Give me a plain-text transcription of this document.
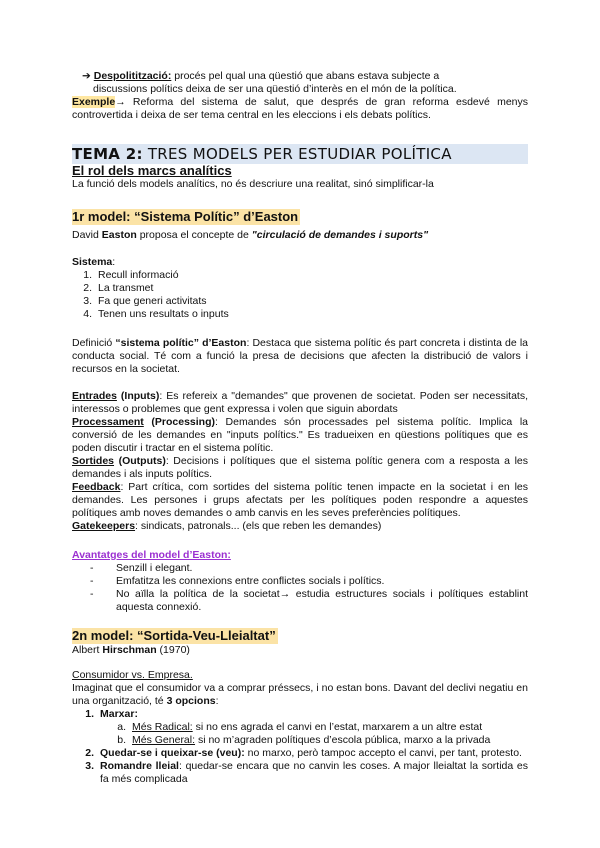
➔ Despolitització: procés pel qual una qüestió que abans estava subjecte a

discussions polítics deixa de ser una qüestió d’interès en el món de la política.

Exemple→ Reforma del sistema de salut, que després de gran reforma esdevé menys controvertida i deixa de ser tema central en les eleccions i els debats polítics.

TEMA 2: TRES MODELS PER ESTUDIAR POLÍTICA

El rol dels marcs analítics

La funció dels models analítics, no és descriure una realitat, sinó simplificar-la

1r model: “Sistema Polític” d’Easton

David Easton proposa el concepte de "circulació de demandes i suports"

Sistema:

1. Recull informació
2. La transmet
3. Fa que generi activitats
4. Tenen uns resultats o inputs

Definició “sistema polític” d’Easton: Destaca que sistema polític és part concreta i distinta de la conducta social. Té com a funció la presa de decisions que afecten la distribució de valors i recursos en la societat.

Entrades (Inputs): Es refereix a "demandes" que provenen de societat. Poden ser necessitats, interessos o problemes que gent expressa i volen que siguin abordats

Processament (Processing): Demandes són processades pel sistema polític. Implica la conversió de les demandes en "inputs polítics." Es tradueixen en qüestions polítiques que es poden discutir i tractar en el sistema polític.

Sortides (Outputs): Decisions i polítiques que el sistema polític genera com a resposta a les demandes i als inputs polítics.

Feedback: Part crítica, com sortides del sistema polític tenen impacte en la societat i en les demandes. Les persones i grups afectats per les polítiques poden respondre a aquestes polítiques amb noves demandes o amb canvis en les seves preferències polítiques.

Gatekeepers: sindicats, patronals... (els que reben les demandes)

Avantatges del model d’Easton:

-	Senzill i elegant.
-	Emfatitza les connexions entre conflictes socials i polítics.
-	No aïlla la política de la societat→ estudia estructures socials i polítiques establint aquesta connexió.
2n model: “Sortida-Veu-Lleialtat”

Albert Hirschman (1970)

Consumidor vs. Empresa.

Imaginat que el consumidor va a comprar préssecs, i no estan bons. Davant del declivi negatiu en una organització, té 3 opcions:

1. Marxar:
a. Més Radical: si no ens agrada el canvi en l’estat, marxarem a un altre estat
b. Més General: si no m’agraden polítiques d’escola pública, marxo a la privada
2. Quedar-se i queixar-se (veu): no marxo, però tampoc accepto el canvi, per tant, protesto.
3. Romandre lleial: quedar-se encara que no canvin les coses. A major lleialtat la sortida es fa més complicada
